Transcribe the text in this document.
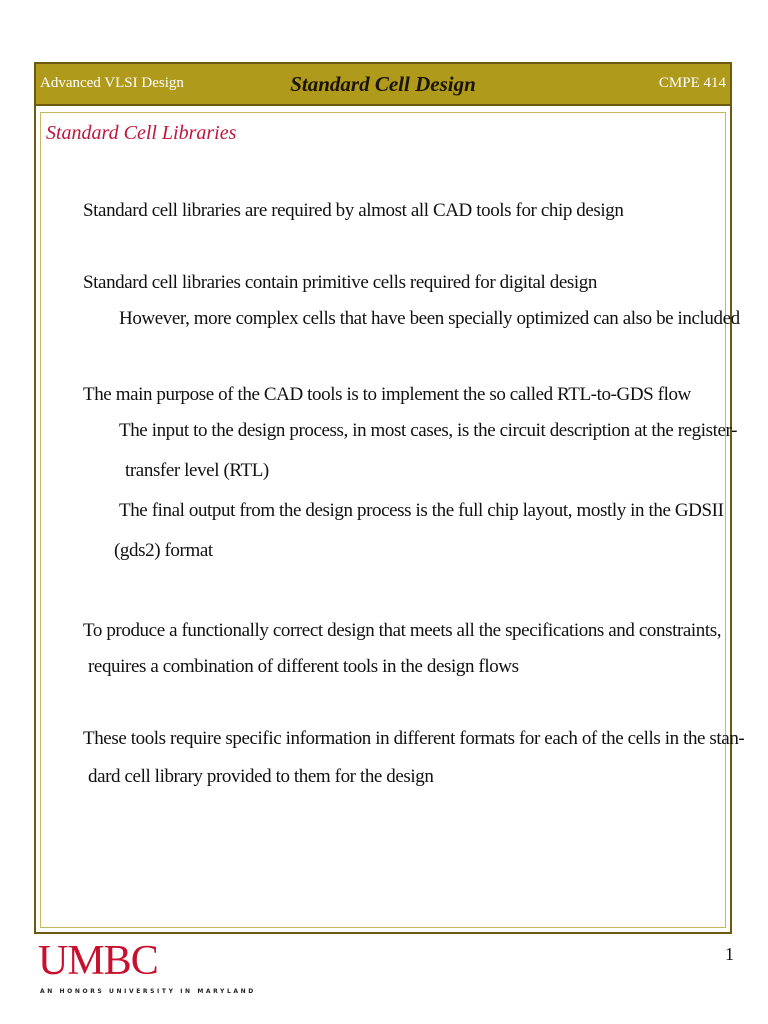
Advanced VLSI Design	Standard Cell Design	CMPE 414
Standard Cell Libraries
Standard cell libraries are required by almost all CAD tools for chip design
Standard cell libraries contain primitive cells required for digital design
However, more complex cells that have been specially optimized can also be included
The main purpose of the CAD tools is to implement the so called RTL-to-GDS flow
The input to the design process, in most cases, is the circuit description at the register-
transfer level (RTL)
The final output from the design process is the full chip layout, mostly in the GDSII
(gds2) format
To produce a functionally correct design that meets all the specifications and constraints,
requires a combination of different tools in the design flows
These tools require specific information in different formats for each of the cells in the stan-
dard cell library provided to them for the design
UMBC
AN HONORS UNIVERSITY IN MARYLAND
1
